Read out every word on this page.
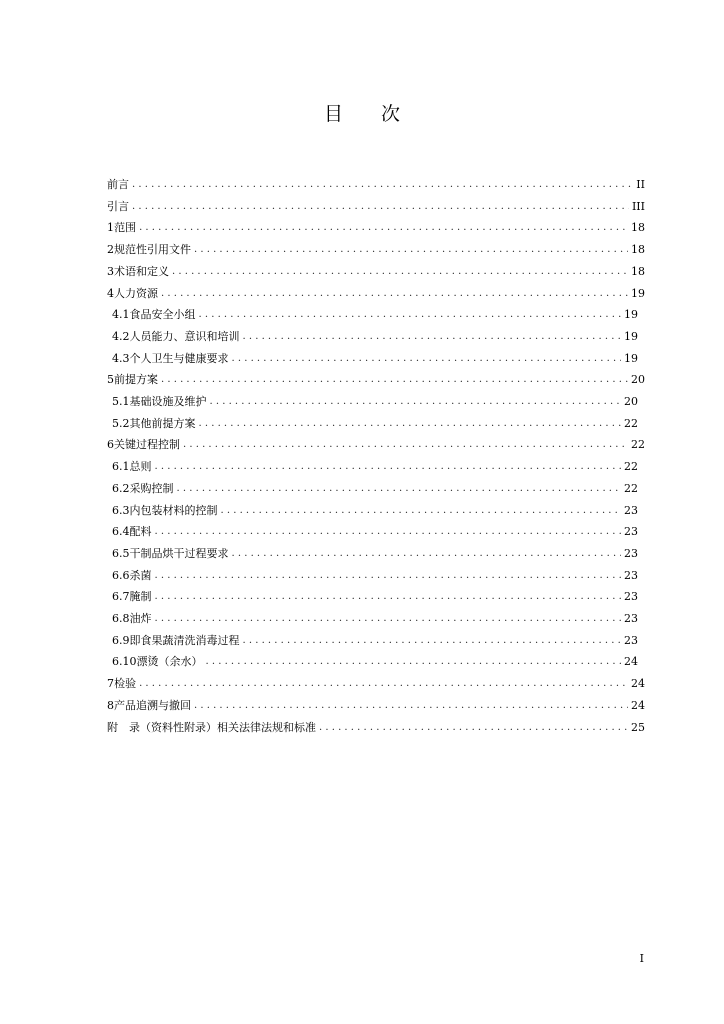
目　　次
前 言 . . .	II
引 言 . . .	III
1 范围 . . .	18
2 规范性引用文件 . . .	18
3 术语和定义 . . .	18
4 人力资源 . . .	19
4.1 食品安全小组 . . .	19
4.2 人员能力、意识和培训 . . .	19
4.3 个人卫生与健康要求 . . .	19
5 前提方案 . . .	20
5.1 基础设施及维护 . . .	20
5.2 其他前提方案 . . .	22
6 关键过程控制 . . .	22
6.1 总则 . . .	22
6.2 采购控制 . . .	22
6.3 内包装材料的控制 . . .	23
6.4 配料 . . .	23
6.5 干制品烘干过程要求 . . .	23
6.6 杀菌 . . .	23
6.7 腌制 . . .	23
6.8 油炸 . . .	23
6.9 即食果蔬清洗消毒过程 . . .	23
6.10 漂烫（余水） . . .	24
7 检验 . . .	24
8 产品追溯与撤回 . . .	24
附　录 （资料性附录）相关法律法规和标准 . . .	25
I
